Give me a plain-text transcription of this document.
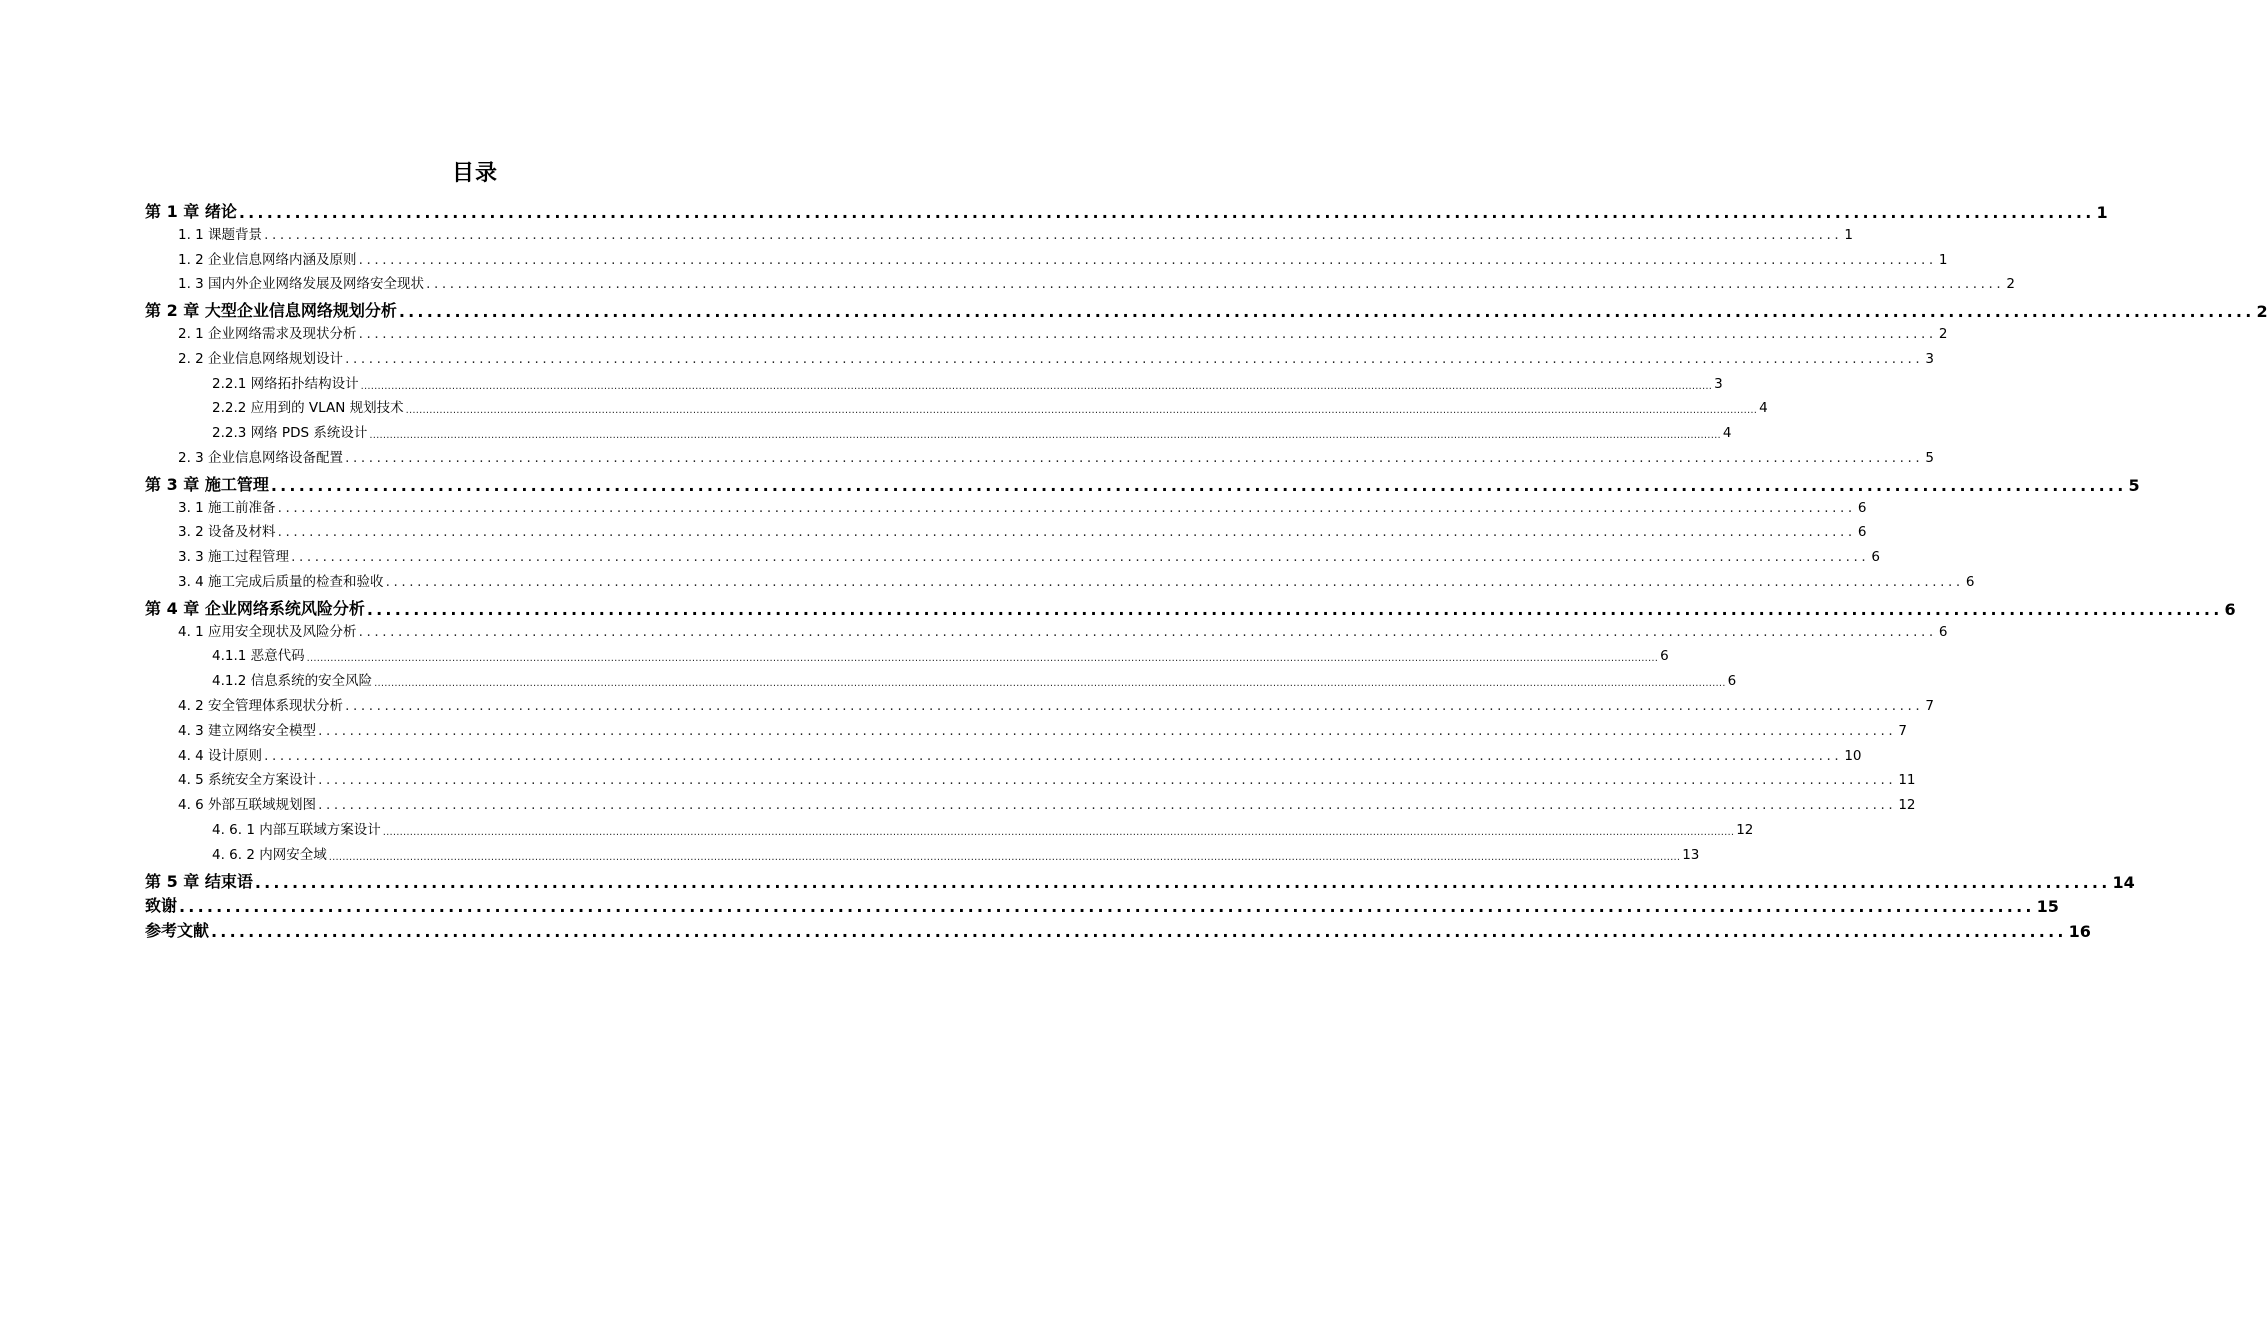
目录
第 1 章 绪论 ........................................................................................................................................................................................................ 1
1. 1 课题背景 ........................................................................................................................................................................................................ 1
1. 2 企业信息网络内涵及原则 ........................................................................................................................................................................................................ 1
1. 3 国内外企业网络发展及网络安全现状 ........................................................................................................................................................................................................ 2
第 2 章 大型企业信息网络规划分析 ........................................................................................................................................................................................................ 2
2. 1 企业网络需求及现状分析 ........................................................................................................................................................................................................ 2
2. 2 企业信息网络规划设计 ........................................................................................................................................................................................................ 3
2.2.1 网络拓扑结构设计 ................................................................................................................................................................................................................................................................................................................................................................................................................ 3
2.2.2 应用到的 VLAN 规划技术 ................................................................................................................................................................................................................................................................................................................................................................................................................ 4
2.2.3 网络 PDS 系统设计 ................................................................................................................................................................................................................................................................................................................................................................................................................ 4
2. 3 企业信息网络设备配置 ........................................................................................................................................................................................................ 5
第 3 章 施工管理 ........................................................................................................................................................................................................ 5
3. 1 施工前准备 ........................................................................................................................................................................................................ 6
3. 2 设备及材料 ........................................................................................................................................................................................................ 6
3. 3 施工过程管理 ........................................................................................................................................................................................................ 6
3. 4 施工完成后质量的检查和验收 ........................................................................................................................................................................................................ 6
第 4 章 企业网络系统风险分析 ........................................................................................................................................................................................................ 6
4. 1 应用安全现状及风险分析 ........................................................................................................................................................................................................ 6
4.1.1 恶意代码 ................................................................................................................................................................................................................................................................................................................................................................................................................ 6
4.1.2 信息系统的安全风险 ................................................................................................................................................................................................................................................................................................................................................................................................................ 6
4. 2 安全管理体系现状分析 ........................................................................................................................................................................................................ 7
4. 3 建立网络安全模型 ........................................................................................................................................................................................................ 7
4. 4 设计原则 ........................................................................................................................................................................................................ 10
4. 5 系统安全方案设计 ........................................................................................................................................................................................................ 11
4. 6 外部互联域规划图 ........................................................................................................................................................................................................ 12
4. 6. 1 内部互联域方案设计 ................................................................................................................................................................................................................................................................................................................................................................................................................ 12
4. 6. 2 内网安全域 ................................................................................................................................................................................................................................................................................................................................................................................................................ 13
第 5 章 结束语 ........................................................................................................................................................................................................ 14
致谢 ........................................................................................................................................................................................................ 15
参考文献 ........................................................................................................................................................................................................ 16
